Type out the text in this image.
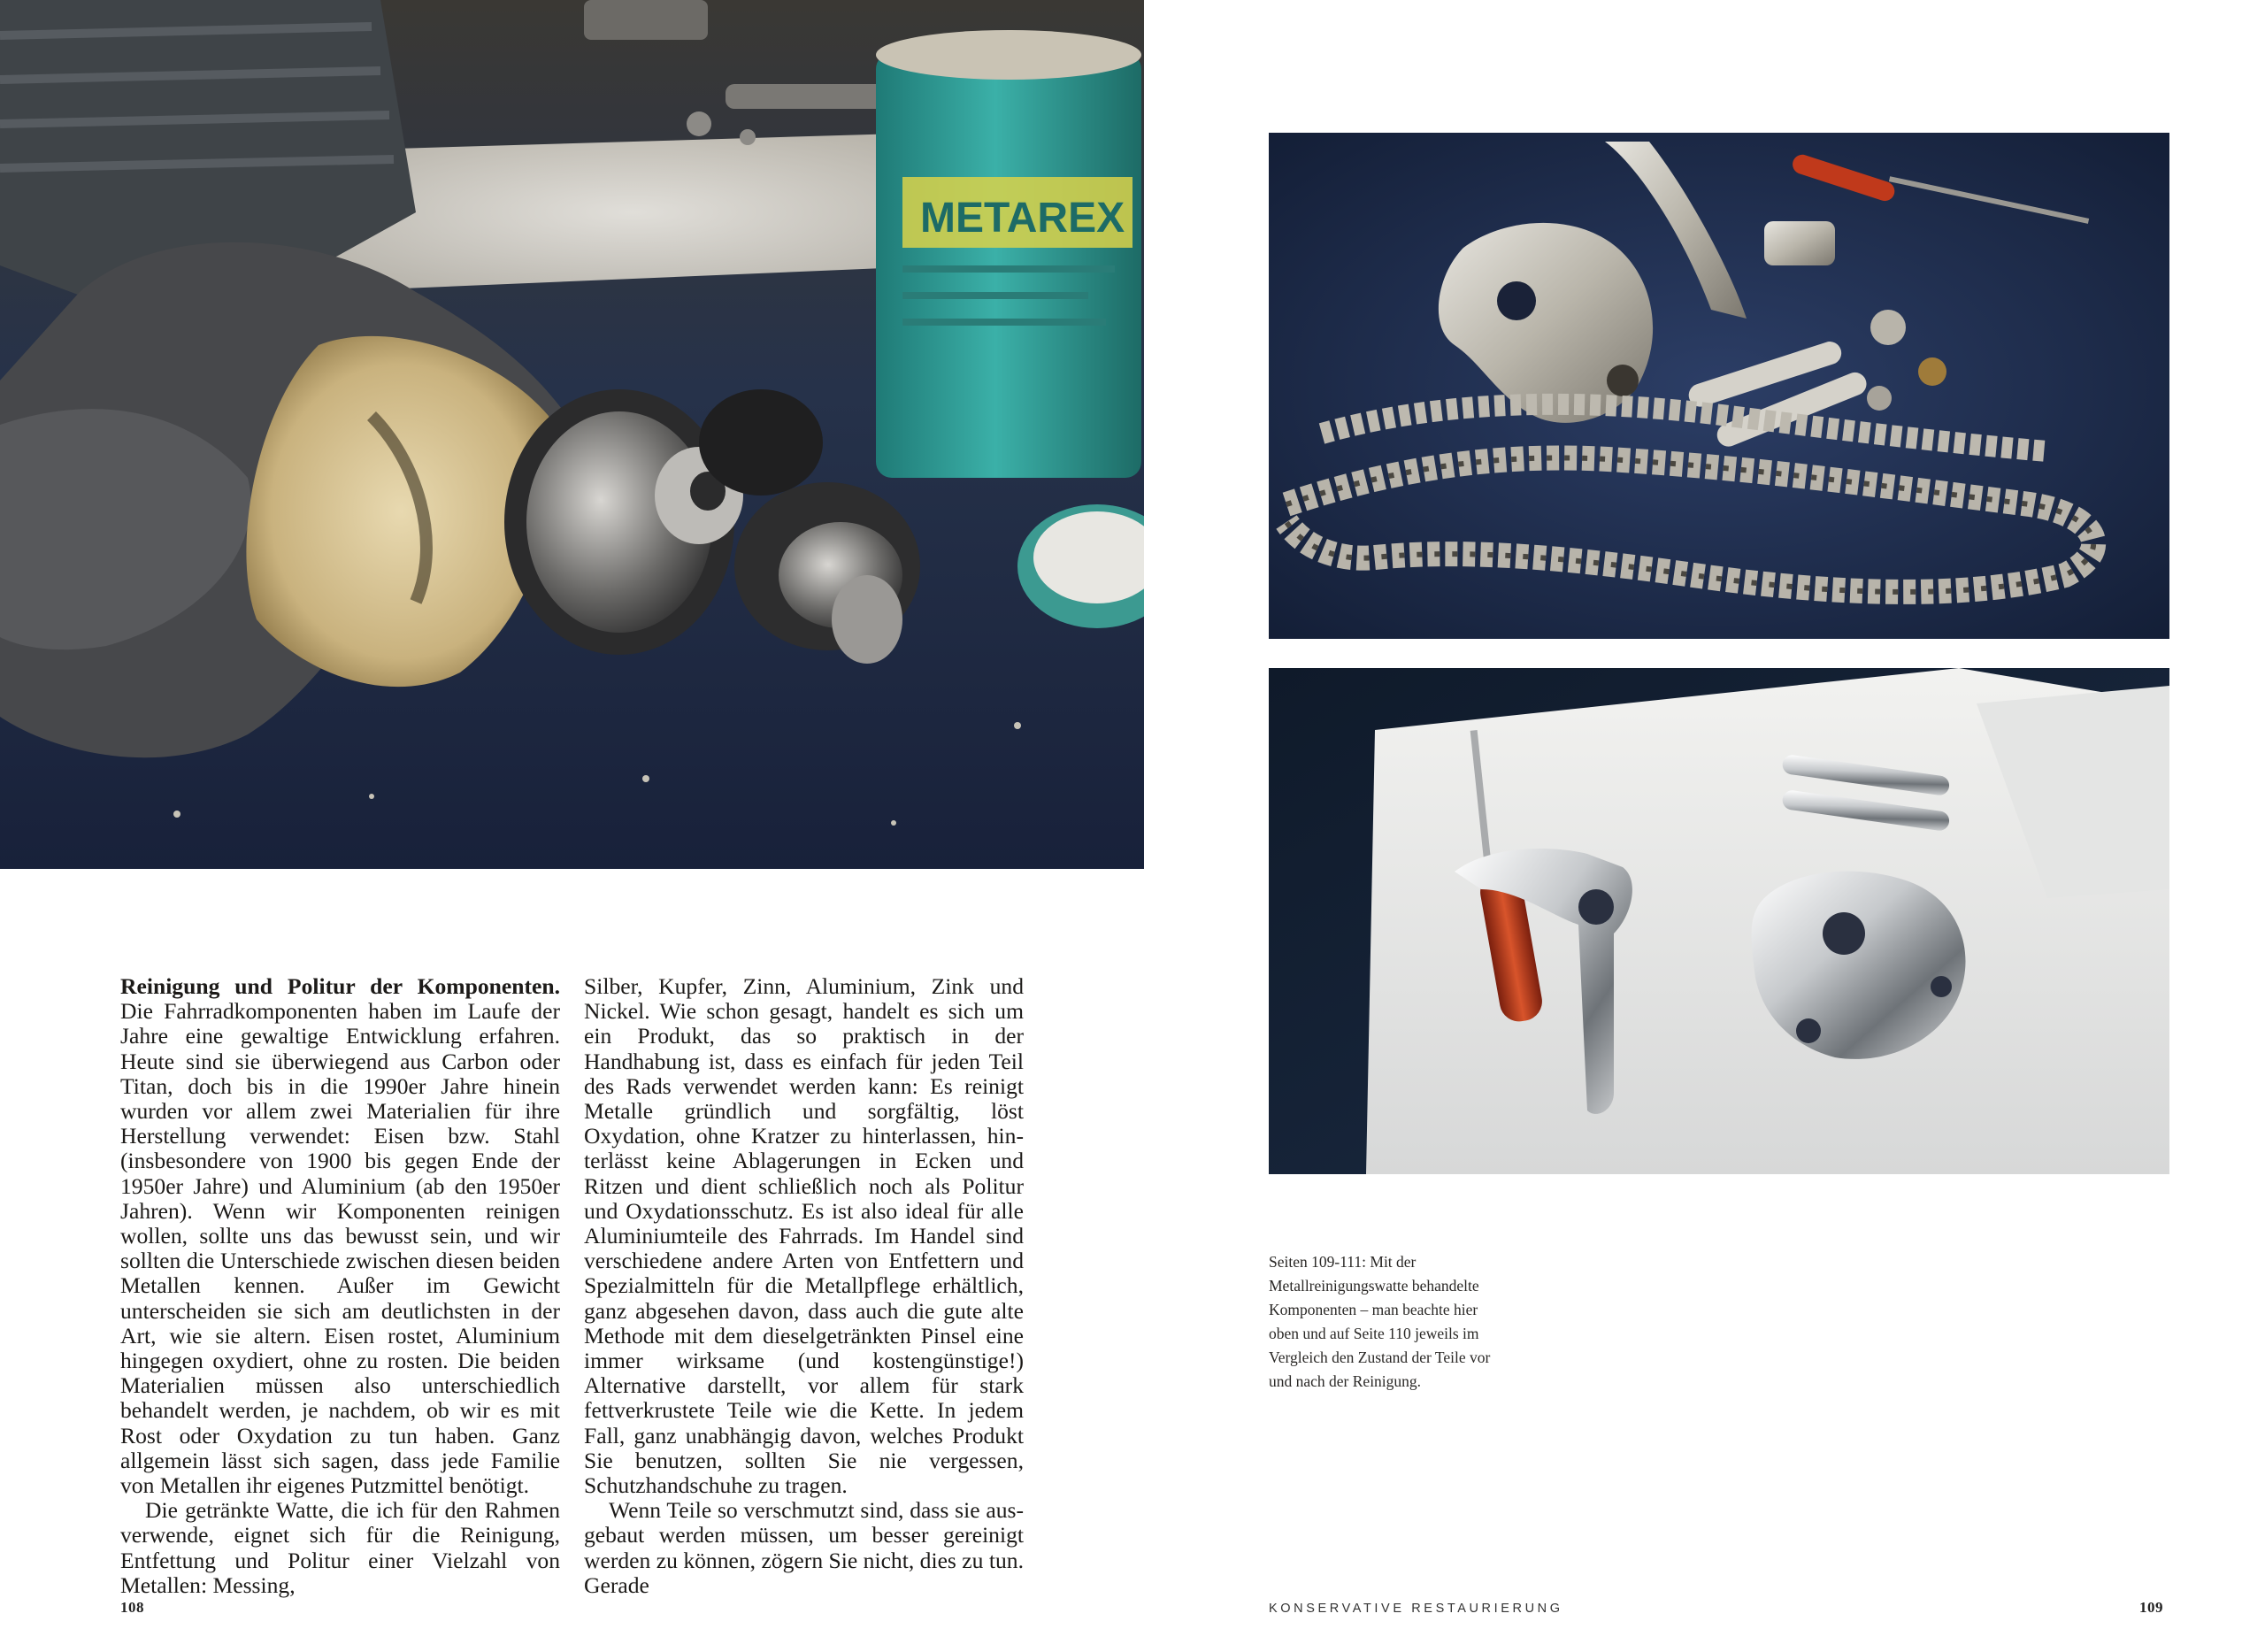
METAREX

Reinigung und Politur der Komponenten. Die Fahrradkomponenten haben im Laufe der Jahre eine gewaltige Entwicklung erfahren. Heute sind sie überwiegend aus Carbon oder Titan, doch bis in die 1990er Jahre hinein wurden vor allem zwei Materialien für ihre Herstellung verwendet: Eisen bzw. Stahl (insbesondere von 1900 bis gegen Ende der 1950er Jahre) und Aluminium (ab den 1950er Jahren). Wenn wir Komponenten reinigen wollen, sollte uns das bewusst sein, und wir sollten die Unterschiede zwischen diesen beiden Metallen kennen. Außer im Gewicht unterscheiden sie sich am deutlichsten in der Art, wie sie altern. Eisen rostet, Aluminium hingegen oxydiert, ohne zu rosten. Die beiden Materialien müssen also unterschiedlich behandelt werden, je nachdem, ob wir es mit Rost oder Oxydation zu tun haben. Ganz allgemein lässt sich sagen, dass jede Familie von Metallen ihr eigenes Putzmittel benötigt.

Die getränkte Watte, die ich für den Rahmen verwende, eignet sich für die Reinigung, Entfettung und Politur einer Vielzahl von Metallen: Messing,

Silber, Kupfer, Zinn, Aluminium, Zink und Nickel. Wie schon gesagt, handelt es sich um ein Produkt, das so praktisch in der Handhabung ist, dass es einfach für jeden Teil des Rads verwendet werden kann: Es reinigt Metalle gründlich und sorgfältig, löst Oxydation, ohne Kratzer zu hinterlassen, hinterlässt keine Ablagerungen in Ecken und Ritzen und dient schließlich noch als Politur und Oxydationsschutz. Es ist also ideal für alle Aluminiumteile des Fahrrads. Im Handel sind verschiedene andere Arten von Entfettern und Spezialmitteln für die Metallpflege erhältlich, ganz abgesehen davon, dass auch die gute alte Methode mit dem dieselgetränkten Pinsel eine immer wirksame (und kostengünstige!) Alternative darstellt, vor allem für stark fettverkrustete Teile wie die Kette. In jedem Fall, ganz unabhängig davon, welches Produkt Sie benutzen, sollten Sie nie vergessen, Schutzhandschuhe zu tragen.

Wenn Teile so verschmutzt sind, dass sie ausgebaut werden müssen, um besser gereinigt werden zu können, zögern Sie nicht, dies zu tun. Gerade

108
Seiten 109-111: Mit der Metallreinigungswatte behandelte Komponenten – man beachte hier oben und auf Seite 110 jeweils im Vergleich den Zustand der Teile vor und nach der Reinigung.
KONSERVATIVE RESTAURIERUNG	109
